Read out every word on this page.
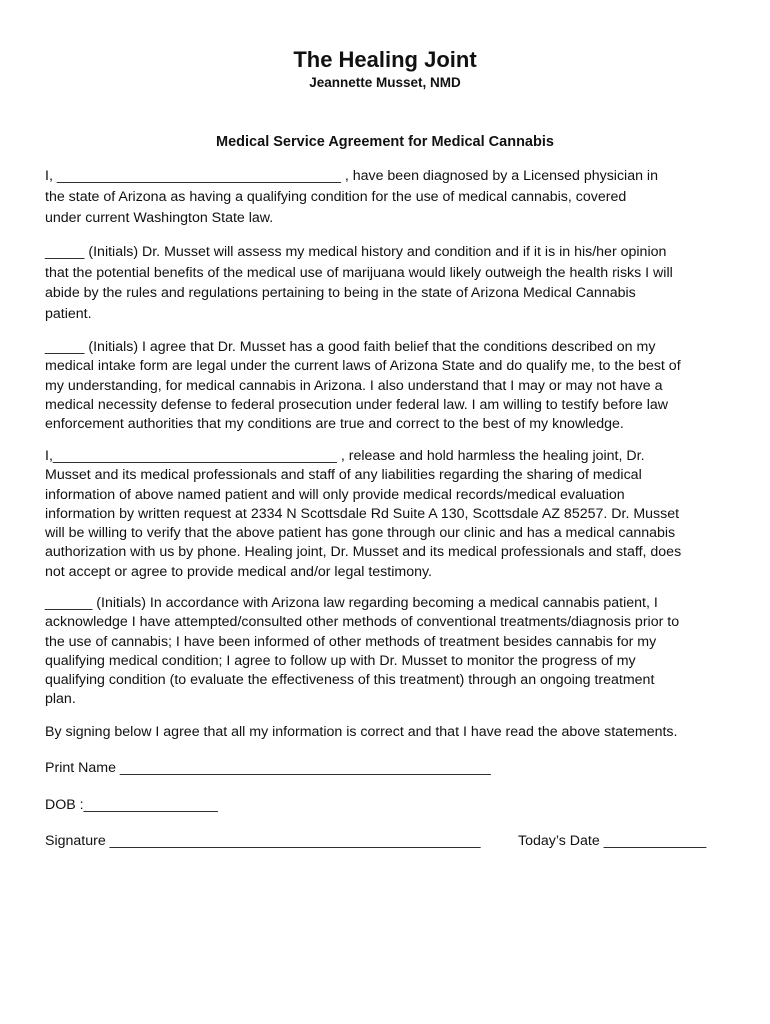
The Healing Joint
Jeannette Musset, NMD
Medical Service Agreement for Medical Cannabis

I, ____________________________________ , have been diagnosed by a Licensed physician in
the state of Arizona as having a qualifying condition for the use of medical cannabis, covered
under current Washington State law.

_____ (Initials) Dr. Musset will assess my medical history and condition and if it is in his/her opinion
that the potential benefits of the medical use of marijuana would likely outweigh the health risks I will
abide by the rules and regulations pertaining to being in the state of Arizona Medical Cannabis
patient.

_____ (Initials) I agree that Dr. Musset has a good faith belief that the conditions described on my
medical intake form are legal under the current laws of Arizona State and do qualify me, to the best of
my understanding, for medical cannabis in Arizona. I also understand that I may or may not have a
medical necessity defense to federal prosecution under federal law. I am willing to testify before law
enforcement authorities that my conditions are true and correct to the best of my knowledge.

I,____________________________________ , release and hold harmless the healing joint, Dr.
Musset and its medical professionals and staff of any liabilities regarding the sharing of medical
information of above named patient and will only provide medical records/medical evaluation
information by written request at 2334 N Scottsdale Rd Suite A 130, Scottsdale AZ 85257. Dr. Musset
will be willing to verify that the above patient has gone through our clinic and has a medical cannabis
authorization with us by phone. Healing joint, Dr. Musset and its medical professionals and staff, does
not accept or agree to provide medical and/or legal testimony.

______ (Initials) In accordance with Arizona law regarding becoming a medical cannabis patient, I
acknowledge I have attempted/consulted other methods of conventional treatments/diagnosis prior to
the use of cannabis; I have been informed of other methods of treatment besides cannabis for my
qualifying medical condition; I agree to follow up with Dr. Musset to monitor the progress of my
qualifying condition (to evaluate the effectiveness of this treatment) through an ongoing treatment
plan.

By signing below I agree that all my information is correct and that I have read the above statements.

Print Name _______________________________________________
DOB :_________________
Signature _______________________________________________	Today’s Date _____________
